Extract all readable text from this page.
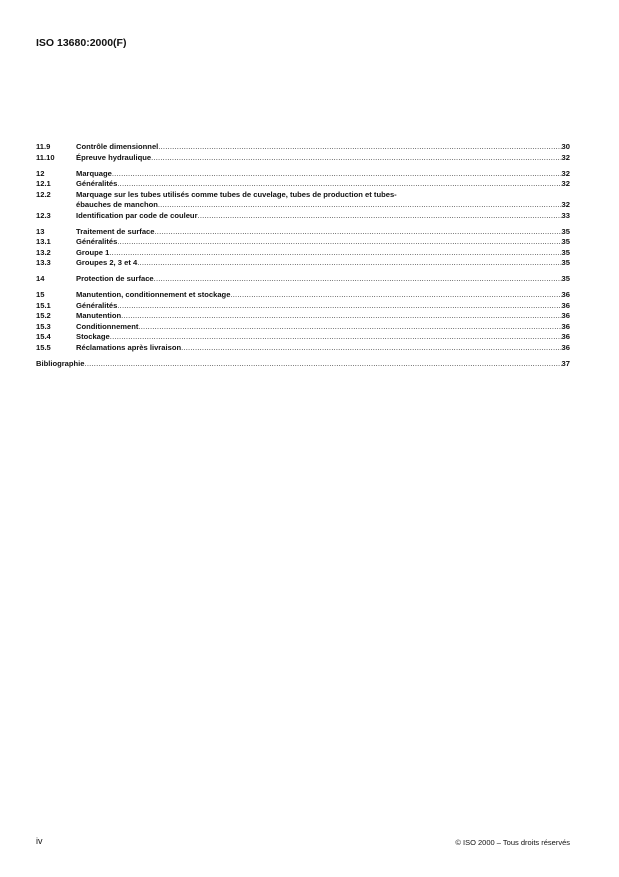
ISO 13680:2000(F)
11.9	Contrôle dimensionnel .....	30
11.10	Épreuve hydraulique .....	32
12	Marquage .....	32
12.1	Généralités .....	32
12.2	Marquage sur les tubes utilisés comme tubes de cuvelage, tubes de production et tubes-
ébauches de manchon .....	32
12.3	Identification par code de couleur .....	33
13	Traitement de surface .....	35
13.1	Généralités .....	35
13.2	Groupe 1 .....	35
13.3	Groupes 2, 3 et 4 .....	35
14	Protection de surface .....	35
15	Manutention, conditionnement et stockage .....	36
15.1	Généralités .....	36
15.2	Manutention .....	36
15.3	Conditionnement .....	36
15.4	Stockage .....	36
15.5	Réclamations après livraison .....	36
Bibliographie .....	37
iv	© ISO 2000 – Tous droits réservés
